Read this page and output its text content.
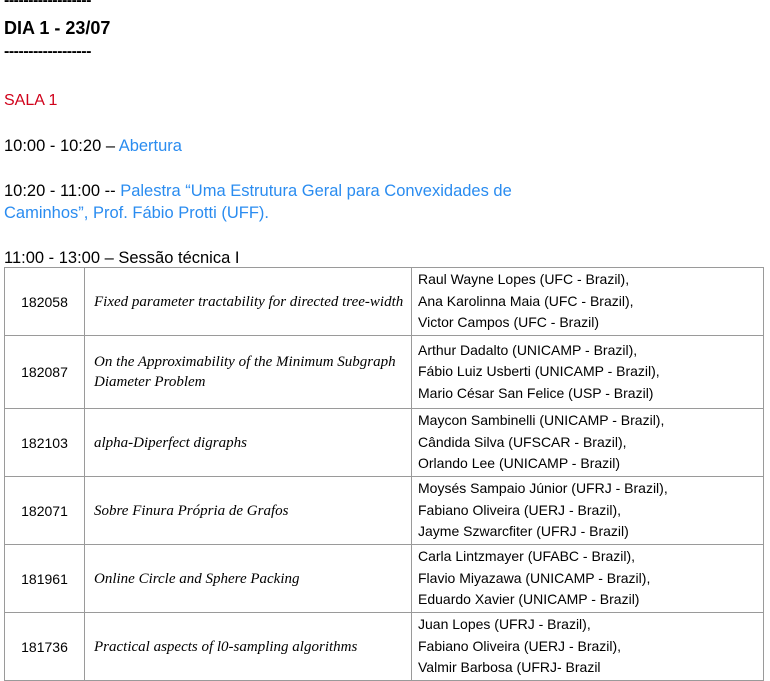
------------------
DIA 1 - 23/07
------------------
SALA 1
10:00 - 10:20 – Abertura
10:20 - 11:00 -- Palestra “Uma Estrutura Geral para Convexidades de
Caminhos”, Prof. Fábio Protti (UFF).
11:00 - 13:00 – Sessão técnica I
182058	Fixed parameter tractability for directed tree-width	Raul Wayne Lopes (UFC - Brazil),
Ana Karolinna Maia (UFC - Brazil),
Victor Campos (UFC - Brazil)

182087	On the Approximability of the Minimum Subgraph Diameter Problem	Arthur Dadalto (UNICAMP - Brazil),
Fábio Luiz Usberti (UNICAMP - Brazil),
Mario César San Felice (USP - Brazil)

182103	alpha-Diperfect digraphs	Maycon Sambinelli (UNICAMP - Brazil),
Cândida Silva (UFSCAR - Brazil),
Orlando Lee (UNICAMP - Brazil)

182071	Sobre Finura Própria de Grafos	Moysés Sampaio Júnior (UFRJ - Brazil),
Fabiano Oliveira (UERJ - Brazil),
Jayme Szwarcfiter (UFRJ - Brazil)

181961	Online Circle and Sphere Packing	Carla Lintzmayer (UFABC - Brazil),
Flavio Miyazawa (UNICAMP - Brazil),
Eduardo Xavier (UNICAMP - Brazil)

181736	Practical aspects of l0-sampling algorithms	Juan Lopes (UFRJ - Brazil),
Fabiano Oliveira (UERJ - Brazil),
Valmir Barbosa (UFRJ- Brazil
